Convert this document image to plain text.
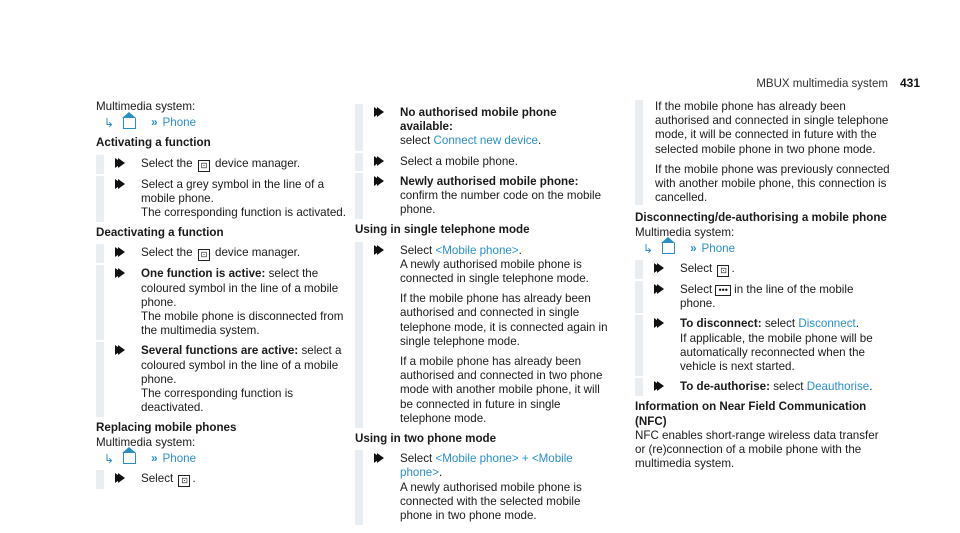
MBUX multimedia system 431

Multimedia system:

↳	» Phone

Activating a function

Select the ⊡ device manager.
Select a grey symbol in the line of a mobile phone.
The corresponding function is activated.

Deactivating a function

Select the ⊡ device manager.
One function is active: select the coloured symbol in the line of a mobile phone.
The mobile phone is disconnected from the multimedia system.
Several functions are active: select a coloured symbol in the line of a mobile phone.
The corresponding function is deactivated.

Replacing mobile phones

Multimedia system:

↳	» Phone
Select ⊡ .
No authorised mobile phone available:
select Connect new device.
Select a mobile phone.
Newly authorised mobile phone: confirm the number code on the mobile phone.

Using in single telephone mode

Select <Mobile phone>.
A newly authorised mobile phone is connected in single telephone mode.

If the mobile phone has already been authorised and connected in single telephone mode, it is connected again in single telephone mode.

If a mobile phone has already been authorised and connected in two phone mode with another mobile phone, it will be connected in future in single telephone mode.

Using in two phone mode

Select <Mobile phone> + <Mobile phone>.
A newly authorised mobile phone is connected with the selected mobile phone in two phone mode.

If the mobile phone has already been authorised and connected in single telephone mode, it will be connected in future with the selected mobile phone in two phone mode.

If the mobile phone was previously connected with another mobile phone, this connection is cancelled.

Disconnecting/de-authorising a mobile phone

Multimedia system:

↳	» Phone
Select ⊡ .
Select ••• in the line of the mobile phone.
To disconnect: select Disconnect.
If applicable, the mobile phone will be automatically reconnected when the vehicle is next started.
To de-authorise: select Deauthorise.

Information on Near Field Communication (NFC)

NFC enables short-range wireless data transfer or (re)connection of a mobile phone with the multimedia system.
